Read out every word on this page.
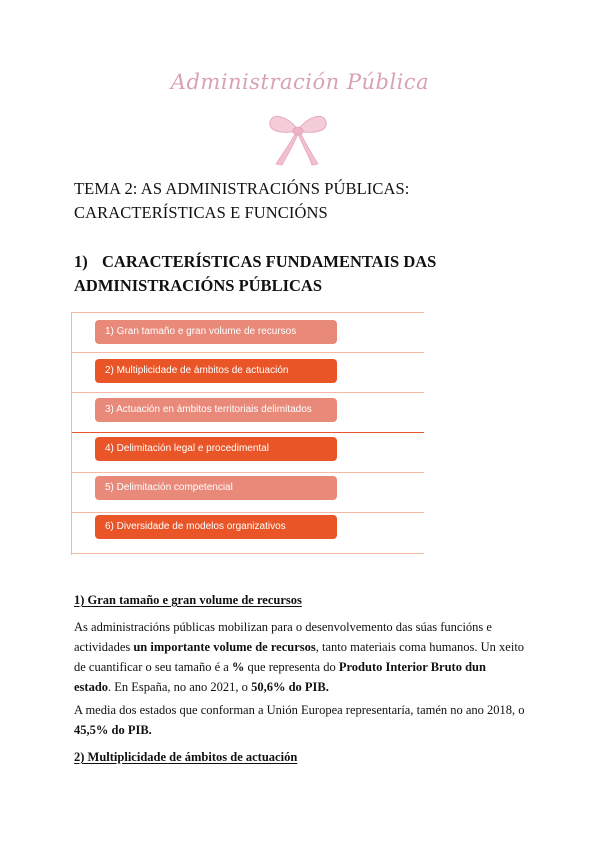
Administración Pública
TEMA 2: AS ADMINISTRACIÓNS PÚBLICAS:
CARACTERÍSTICAS E FUNCIÓNS
1) CARACTERÍSTICAS FUNDAMENTAIS DAS
ADMINISTRACIÓNS PÚBLICAS
1) Gran tamaño e gran volume de recursos
2) Multiplicidade de ámbitos de actuación
3) Actuación en ámbitos territoriais delimitados
4) Delimitación legal e procedimental
5) Delimitación competencial
6) Diversidade de modelos organizativos
1) Gran tamaño e gran volume de recursos

As administracións públicas mobilizan para o desenvolvemento das súas funcións e actividades un importante volume de recursos, tanto materiais coma humanos. Un xeito de cuantificar o seu tamaño é a % que representa do Produto Interior Bruto dun estado. En España, no ano 2021, o 50,6% do PIB.

A media dos estados que conforman a Unión Europea representaría, tamén no ano 2018, o 45,5% do PIB.

2) Multiplicidade de ámbitos de actuación
